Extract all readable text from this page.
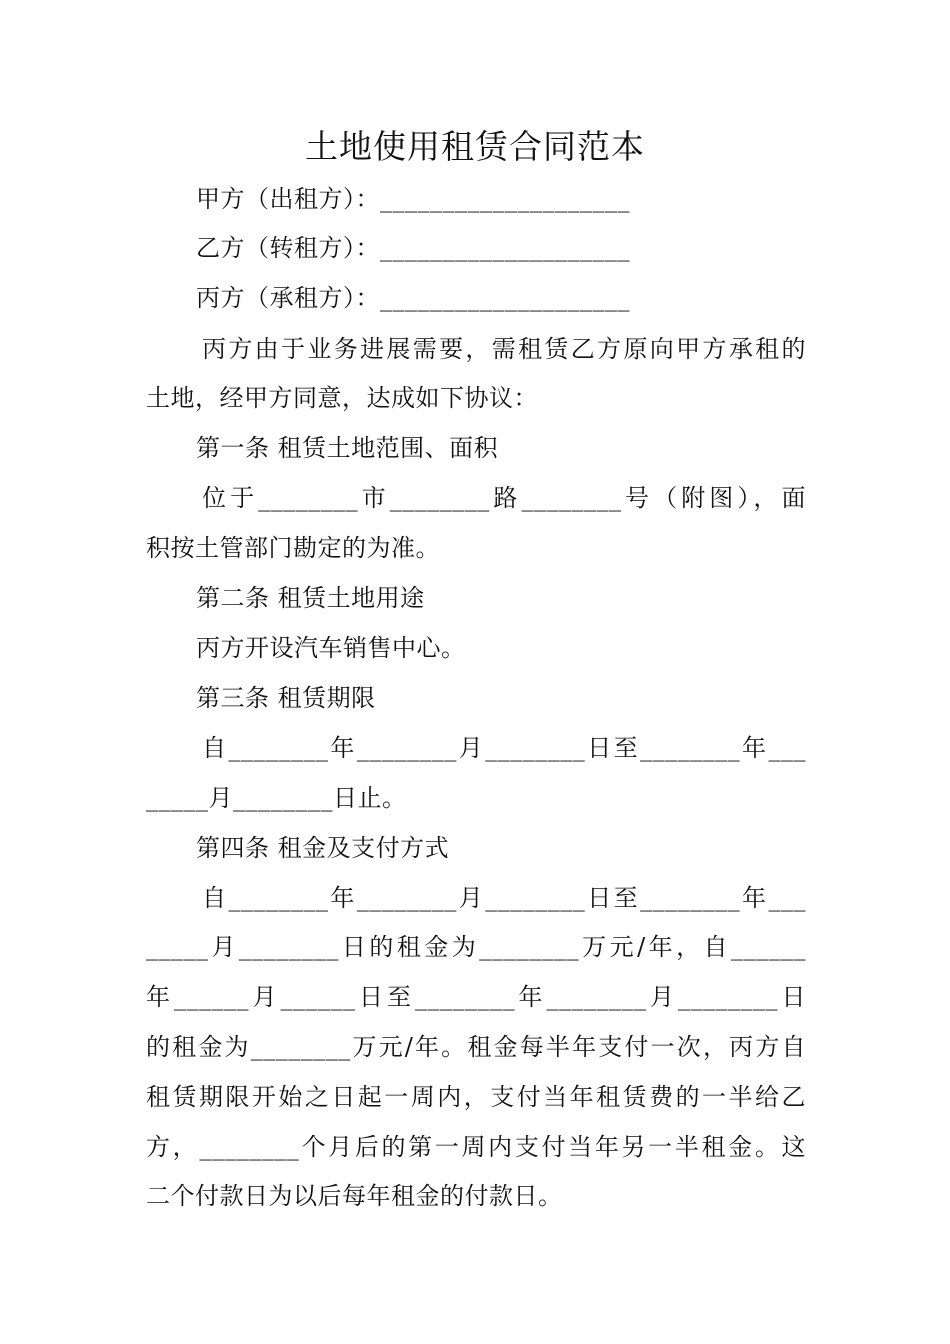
土地使用租赁合同范本
甲方（出租方）：____________________
乙方（转租方）：____________________
丙方（承租方）：____________________
丙方由于业务进展需要，需租赁乙方原向甲方承租的
土地，经甲方同意，达成如下协议：
第一条 租赁土地范围、面积
位于________市________路________号（附图），面
积按土管部门勘定的为准。
第二条 租赁土地用途
丙方开设汽车销售中心。
第三条 租赁期限
自________年________月________日至________年___
_____月________日止。
第四条 租金及支付方式
自________年________月________日至________年___
_____月________日的租金为________万元/年，自______
年______月______日至________年________月________日
的租金为________万元/年。租金每半年支付一次，丙方自
租赁期限开始之日起一周内，支付当年租赁费的一半给乙
方，________个月后的第一周内支付当年另一半租金。这
二个付款日为以后每年租金的付款日。
